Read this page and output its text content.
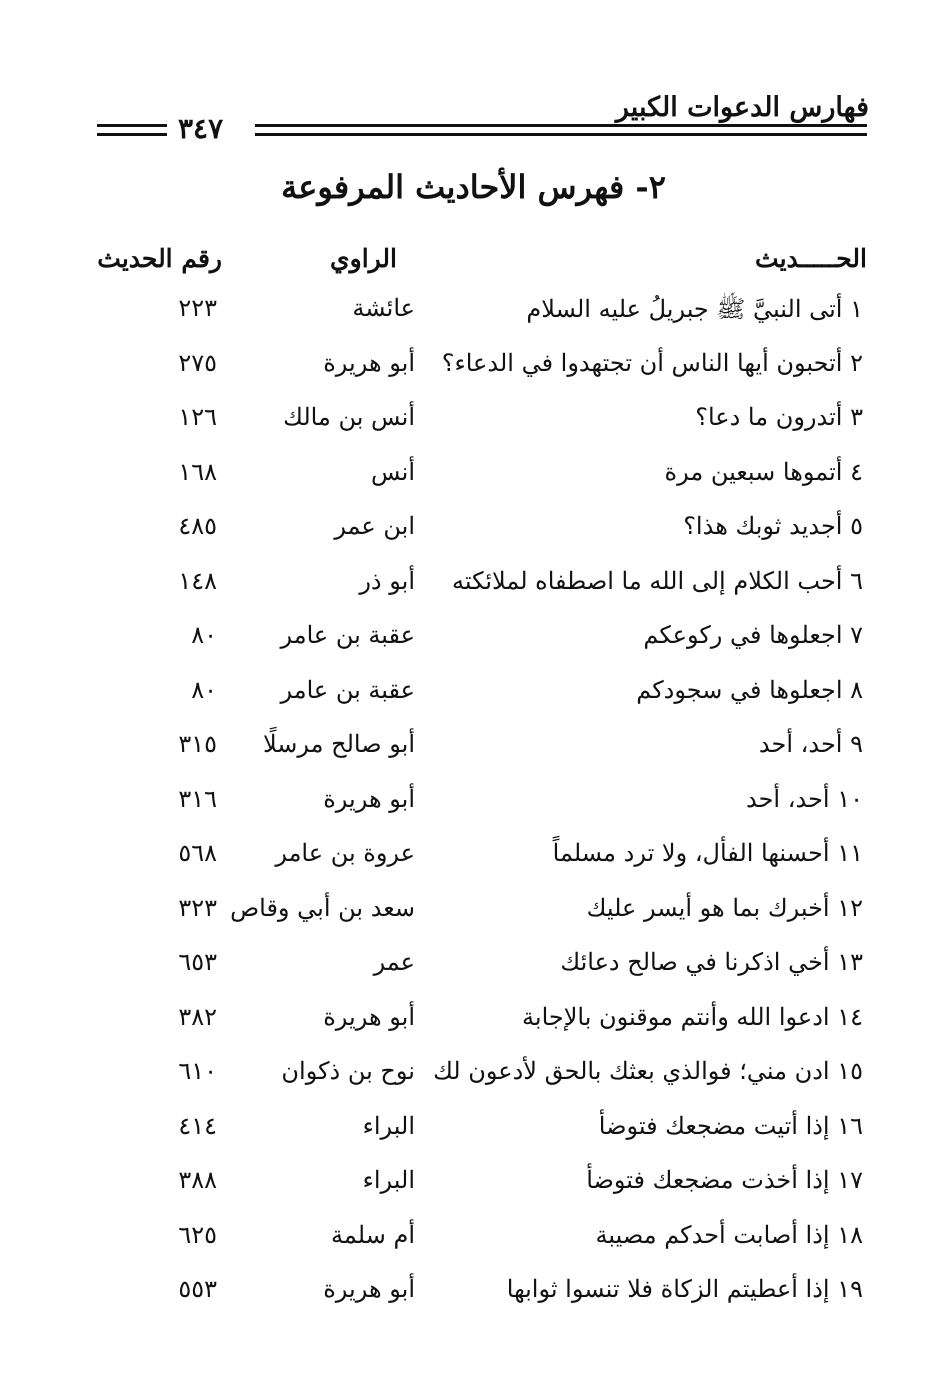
فهارس الدعوات الكبير
٣٤٧
٢- فهرس الأحاديث المرفوعة
الحـــــديث
الراوي
رقم الحديث
١ أتى النبيَّ ﷺ جبريلُ عليه السلام
عائشة
٢٢٣
٢ أتحبون أيها الناس أن تجتهدوا في الدعاء؟
أبو هريرة
٢٧٥
٣ أتدرون ما دعا؟
أنس بن مالك
١٢٦
٤ أتموها سبعين مرة
أنس
١٦٨
٥ أجديد ثوبك هذا؟
ابن عمر
٤٨٥
٦ أحب الكلام إلى الله ما اصطفاه لملائكته
أبو ذر
١٤٨
٧ اجعلوها في ركوعكم
عقبة بن عامر
٨٠
٨ اجعلوها في سجودكم
عقبة بن عامر
٨٠
٩ أحد، أحد
أبو صالح مرسلًا
٣١٥
١٠ أحد، أحد
أبو هريرة
٣١٦
١١ أحسنها الفأل، ولا ترد مسلماً
عروة بن عامر
٥٦٨
١٢ أخبرك بما هو أيسر عليك
سعد بن أبي وقاص
٣٢٣
١٣ أخي اذكرنا في صالح دعائك
عمر
٦٥٣
١٤ ادعوا الله وأنتم موقنون بالإجابة
أبو هريرة
٣٨٢
١٥ ادن مني؛ فوالذي بعثك بالحق لأدعون لك
نوح بن ذكوان
٦١٠
١٦ إذا أتيت مضجعك فتوضأ
البراء
٤١٤
١٧ إذا أخذت مضجعك فتوضأ
البراء
٣٨٨
١٨ إذا أصابت أحدكم مصيبة
أم سلمة
٦٢٥
١٩ إذا أعطيتم الزكاة فلا تنسوا ثوابها
أبو هريرة
٥٥٣
